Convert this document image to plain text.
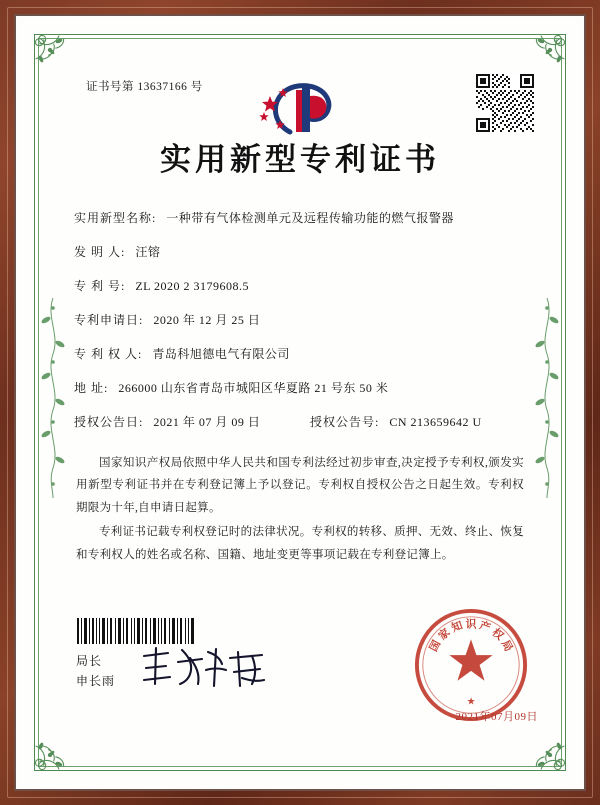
证书号第 13637166 号
实用新型专利证书
实用新型名称: 一种带有气体检测单元及远程传输功能的燃气报警器
发 明 人: 汪镕
专 利 号: ZL 2020 2 3179608.5
专利申请日: 2020 年 12 月 25 日
专 利 权 人: 青岛科旭德电气有限公司
地 址: 266000 山东省青岛市城阳区华夏路 21 号东 50 米
授权公告日: 2021 年 07 月 09 日	授权公告号: CN 213659642 U

国家知识产权局依照中华人民共和国专利法经过初步审查,决定授予专利权,颁发实用新型专利证书并在专利登记簿上予以登记。专利权自授权公告之日起生效。专利权期限为十年,自申请日起算。

专利证书记载专利权登记时的法律状况。专利权的转移、质押、无效、终止、恢复和专利权人的姓名或名称、国籍、地址变更等事项记载在专利登记簿上。

局长
申长雨
国
家
知 识 产
权
局
★
2021年07月09日
